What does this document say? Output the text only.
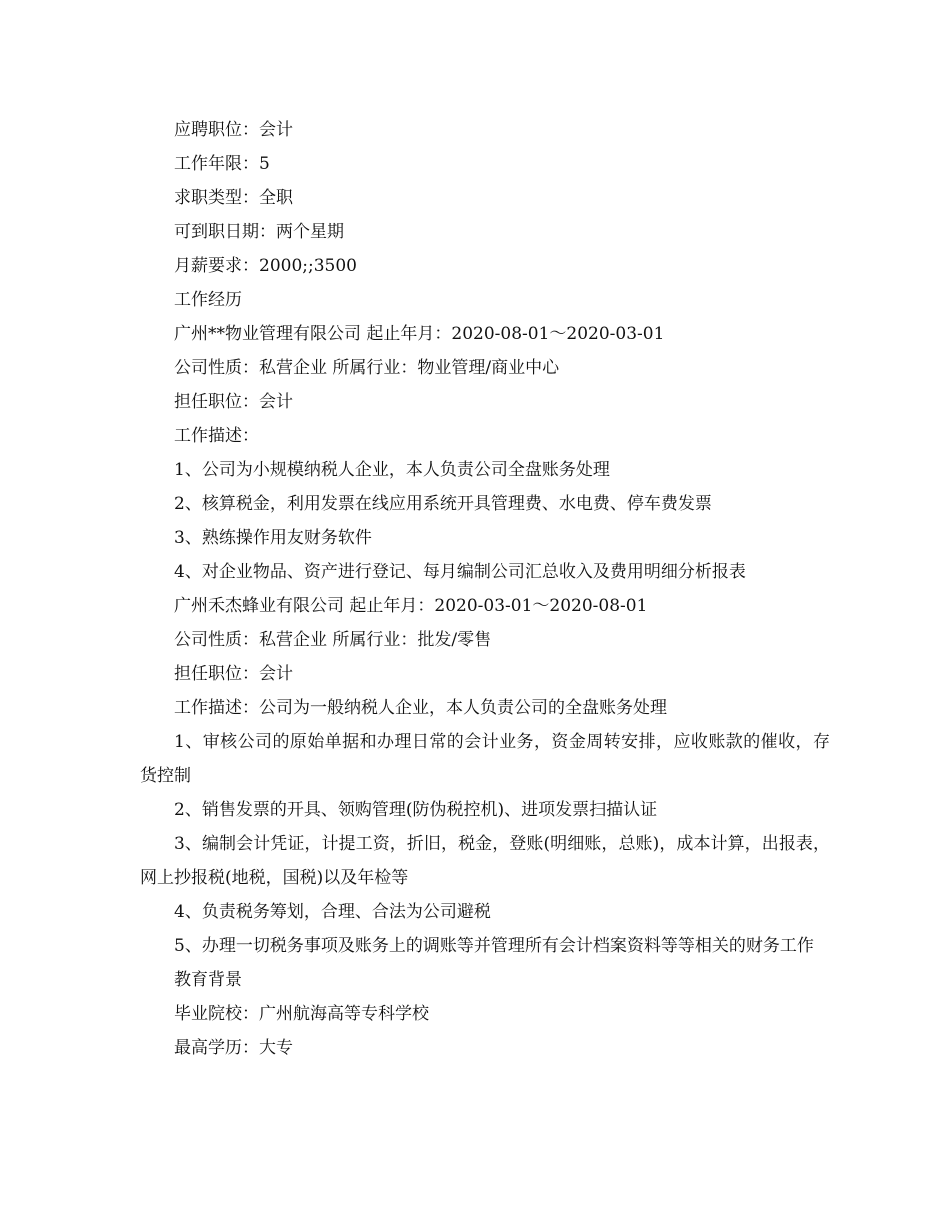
应聘职位：会计

工作年限：5

求职类型：全职

可到职日期：两个星期

月薪要求：2000;;3500

工作经历

广州**物业管理有限公司 起止年月：2020-08-01～2020-03-01

公司性质：私营企业 所属行业：物业管理/商业中心

担任职位：会计

工作描述：

1、公司为小规模纳税人企业，本人负责公司全盘账务处理

2、核算税金，利用发票在线应用系统开具管理费、水电费、停车费发票

3、熟练操作用友财务软件

4、对企业物品、资产进行登记、每月编制公司汇总收入及费用明细分析报表

广州禾杰蜂业有限公司 起止年月：2020-03-01～2020-08-01

公司性质：私营企业 所属行业：批发/零售

担任职位：会计

工作描述：公司为一般纳税人企业，本人负责公司的全盘账务处理

1、审核公司的原始单据和办理日常的会计业务，资金周转安排，应收账款的催收，存货控制

2、销售发票的开具、领购管理(防伪税控机)、进项发票扫描认证

3、编制会计凭证，计提工资，折旧，税金，登账(明细账，总账)，成本计算，出报表，网上抄报税(地税，国税)以及年检等

4、负责税务筹划，合理、合法为公司避税

5、办理一切税务事项及账务上的调账等并管理所有会计档案资料等等相关的财务工作

教育背景

毕业院校：广州航海高等专科学校

最高学历：大专
